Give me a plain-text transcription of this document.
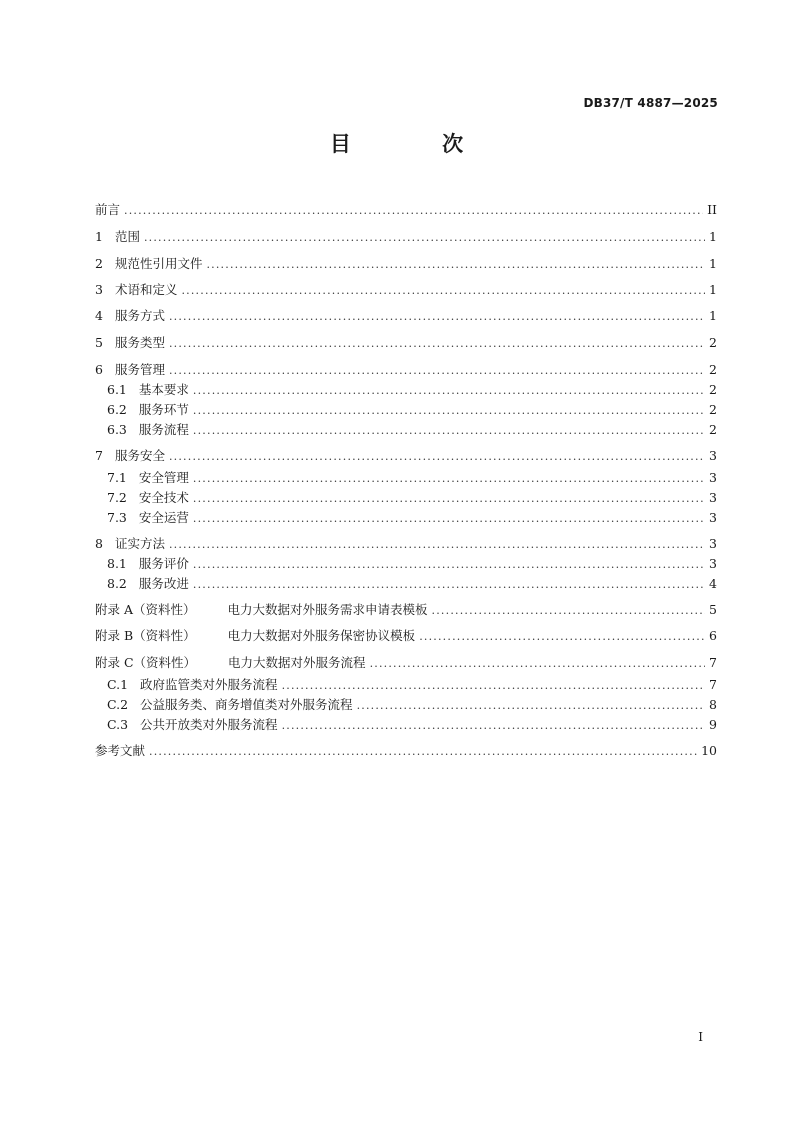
DB37/T 4887—2025
目 次
前言 .....	II
1 范围 .....	1
2 规范性引用文件 .....	1
3 术语和定义 .....	1
4 服务方式 .....	1
5 服务类型 .....	2
6 服务管理 .....	2
6.1 基本要求 .....	2
6.2 服务环节 .....	2
6.3 服务流程 .....	2
7 服务安全 .....	3
7.1 安全管理 .....	3
7.2 安全技术 .....	3
7.3 安全运营 .....	3
8 证实方法 .....	3
8.1 服务评价 .....	3
8.2 服务改进 .....	4
附录 A（资料性）	电力大数据对外服务需求申请表模板 .....	5
附录 B（资料性）	电力大数据对外服务保密协议模板 .....	6
附录 C（资料性）	电力大数据对外服务流程 .....	7
C.1 政府监管类对外服务流程 .....	7
C.2 公益服务类、商务增值类对外服务流程 .....	8
C.3 公共开放类对外服务流程 .....	9
参考文献 .....	10
I
